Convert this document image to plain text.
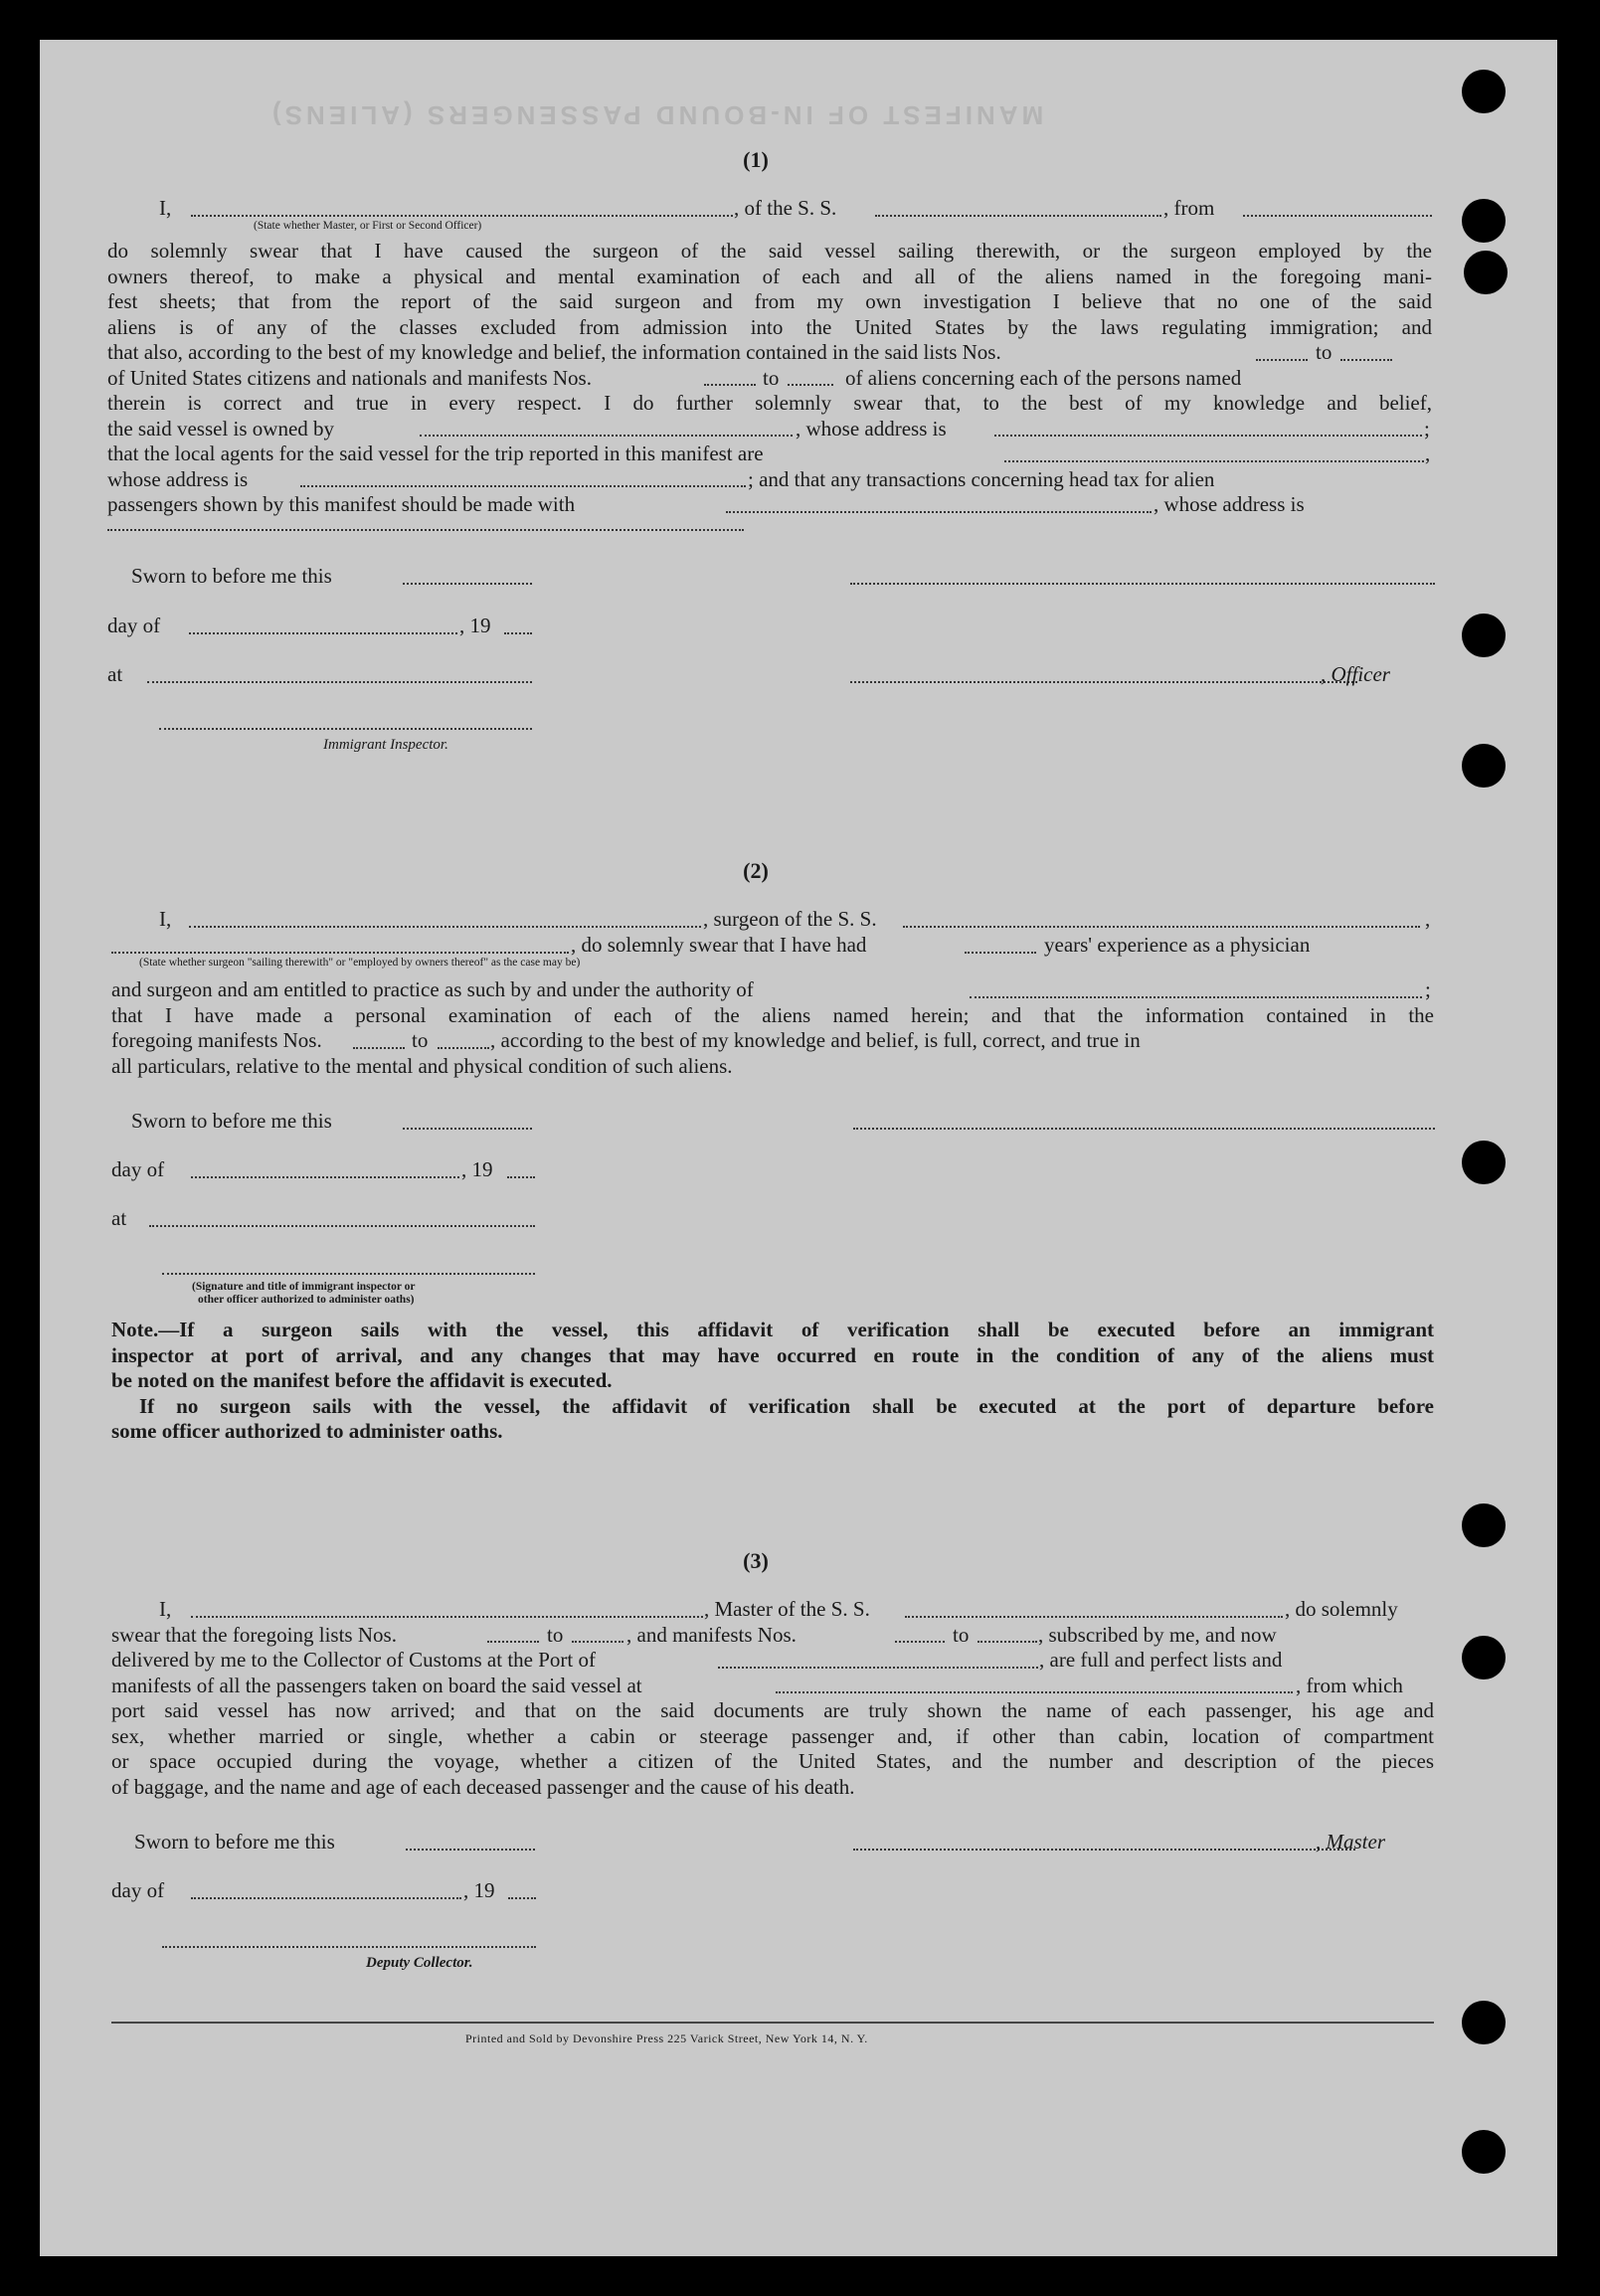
MANIFEST OF IN-BOUND PASSENGERS (ALIENS)
(1)
I,	, of the S. S.	, from
(State whether Master, or First or Second Officer)
do solemnly swear that I have caused the surgeon of the said vessel sailing therewith, or the surgeon employed by the
owners thereof, to make a physical and mental examination of each and all of the aliens named in the foregoing mani-
fest sheets; that from the report of the said surgeon and from my own investigation I believe that no one of the said
aliens is of any of the classes excluded from admission into the United States by the laws regulating immigration; and
that also, according to the best of my knowledge and belief, the information contained in the said lists Nos.	to
of United States citizens and nationals and manifests Nos.	to	of aliens concerning each of the persons named
therein is correct and true in every respect. I do further solemnly swear that, to the best of my knowledge and belief,
the said vessel is owned by	, whose address is	;
that the local agents for the said vessel for the trip reported in this manifest are	,
whose address is	; and that any transactions concerning head tax for alien
passengers shown by this manifest should be made with	, whose address is
Sworn to before me this
day of	, 19
at	, Officer
Immigrant Inspector.
(2)
I,	, surgeon of the S. S.	,
, do solemnly swear that I have had	years' experience as a physician
(State whether surgeon "sailing therewith" or "employed by owners thereof" as the case may be)
and surgeon and am entitled to practice as such by and under the authority of	;
that I have made a personal examination of each of the aliens named herein; and that the information contained in the
foregoing manifests Nos.	to	, according to the best of my knowledge and belief, is full, correct, and true in
all particulars, relative to the mental and physical condition of such aliens.
Sworn to before me this
day of	, 19
at
(Signature and title of immigrant inspector or
other officer authorized to administer oaths)
Note.—If a surgeon sails with the vessel, this affidavit of verification shall be executed before an immigrant
inspector at port of arrival, and any changes that may have occurred en route in the condition of any of the aliens must
be noted on the manifest before the affidavit is executed.
If no surgeon sails with the vessel, the affidavit of verification shall be executed at the port of departure before
some officer authorized to administer oaths.
(3)
I,	, Master of the S. S.	, do solemnly
swear that the foregoing lists Nos.	to	, and manifests Nos.	to	, subscribed by me, and now
delivered by me to the Collector of Customs at the Port of	, are full and perfect lists and
manifests of all the passengers taken on board the said vessel at	, from which
port said vessel has now arrived; and that on the said documents are truly shown the name of each passenger, his age and
sex, whether married or single, whether a cabin or steerage passenger and, if other than cabin, location of compartment
or space occupied during the voyage, whether a citizen of the United States, and the number and description of the pieces
of baggage, and the name and age of each deceased passenger and the cause of his death.
Sworn to before me this	, Master
day of	, 19
Deputy Collector.
Printed and Sold by Devonshire Press 225 Varick Street, New York 14, N. Y.
